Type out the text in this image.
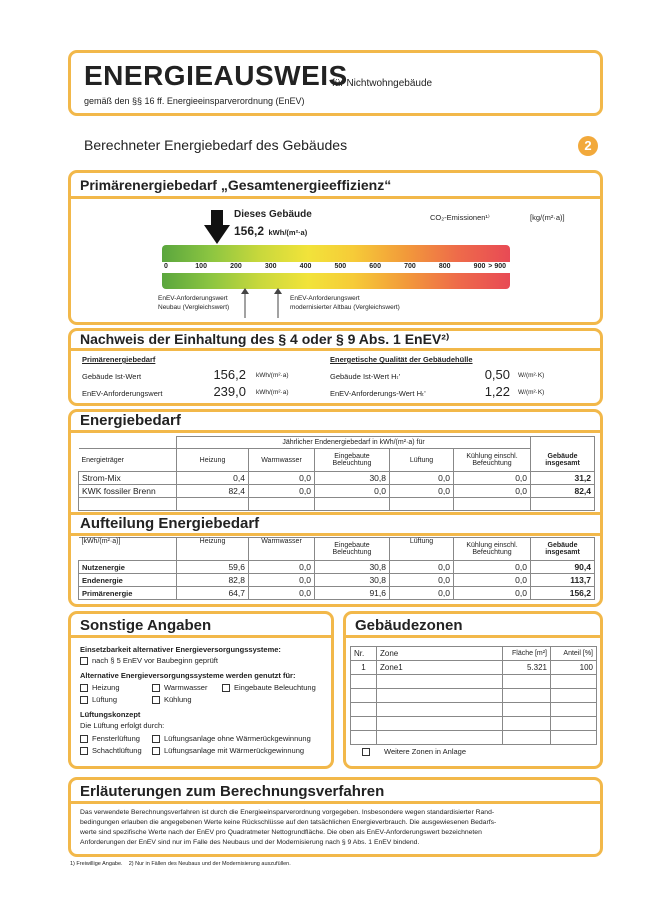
ENERGIEAUSWEIS
für Nichtwohngebäude
gemäß den §§ 16 ff. Energieeinsparverordnung (EnEV)
Berechneter Energiebedarf des Gebäudes	2
Primärenergiebedarf „Gesamtenergieeffizienz“
Dieses Gebäude
156,2 kWh/(m²·a)
CO₂-Emissionen¹⁾	[kg/(m²·a)]
0	100	200	300	400	500	600	700	800	900 > 900
EnEV-Anforderungswert
Neubau (Vergleichswert)
EnEV-Anforderungswert
modernisierter Altbau (Vergleichswert)
Nachweis der Einhaltung des § 4 oder § 9 Abs. 1 EnEV²⁾
Primärenergiebedarf	Energetische Qualität der Gebäudehülle
Gebäude Ist-Wert	156,2 kWh/(m²·a)
EnEV-Anforderungswert	239,0 kWh/(m²·a)
Gebäude Ist-Wert Hₜ'	0,50 W/(m²·K)
EnEV-Anforderungs-Wert Hₜ'	1,22 W/(m²·K)
Energiebedarf
	Jährlicher Endenergiebedarf in kWh/(m²·a) für					
Energieträger	Heizung	Warmwasser	Eingebaute Beleuchtung	Lüftung	Kühlung einschl. Befeuchtung	Gebäude insgesamt
Strom-Mix	0,4	0,0	30,8	0,0	0,0	31,2
KWK fossiler Brenn	82,4	0,0	0,0	0,0	0,0	82,4

Aufteilung Energiebedarf
[kWh/(m²·a)]	Heizung	Warmwasser	Eingebaute Beleuchtung	Lüftung	Kühlung einschl. Befeuchtung	Gebäude insgesamt
Nutzenergie	59,6	0,0	30,8	0,0	0,0	90,4
Endenergie	82,8	0,0	30,8	0,0	0,0	113,7
Primärenergie	64,7	0,0	91,6	0,0	0,0	156,2
Sonstige Angaben
Einsetzbarkeit alternativer Energieversorgungssysteme:
nach § 5 EnEV vor Baubeginn geprüft
Alternative Energieversorgungssysteme werden genutzt für:
Heizung	Warmwasser	Eingebaute Beleuchtung
Lüftung	Kühlung
Lüftungskonzept
Die Lüftung erfolgt durch:
Fensterlüftung	Lüftungsanlage ohne Wärmerückgewinnung
Schachtlüftung	Lüftungsanlage mit Wärmerückgewinnung
Gebäudezonen
Nr.	Zone	Fläche [m²]	Anteil [%]
1	Zone1	5.321	100

Weitere Zonen in Anlage
Erläuterungen zum Berechnungsverfahren
Das verwendete Berechnungsverfahren ist durch die Energieeinsparverordnung vorgegeben. Insbesondere wegen standardisierter Rand-
bedingungen erlauben die angegebenen Werte keine Rückschlüsse auf den tatsächlichen Energieverbrauch. Die ausgewiesenen Bedarfs-
werte sind spezifische Werte nach der EnEV pro Quadratmeter Nettogrundfläche. Die oben als EnEV-Anforderungswert bezeichneten
Anforderungen der EnEV sind nur im Falle des Neubaus und der Modernisierung nach § 9 Abs. 1 EnEV bindend.
1) Freiwillige Angabe.    2) Nur in Fällen des Neubaus und der Modernisierung auszufüllen.
